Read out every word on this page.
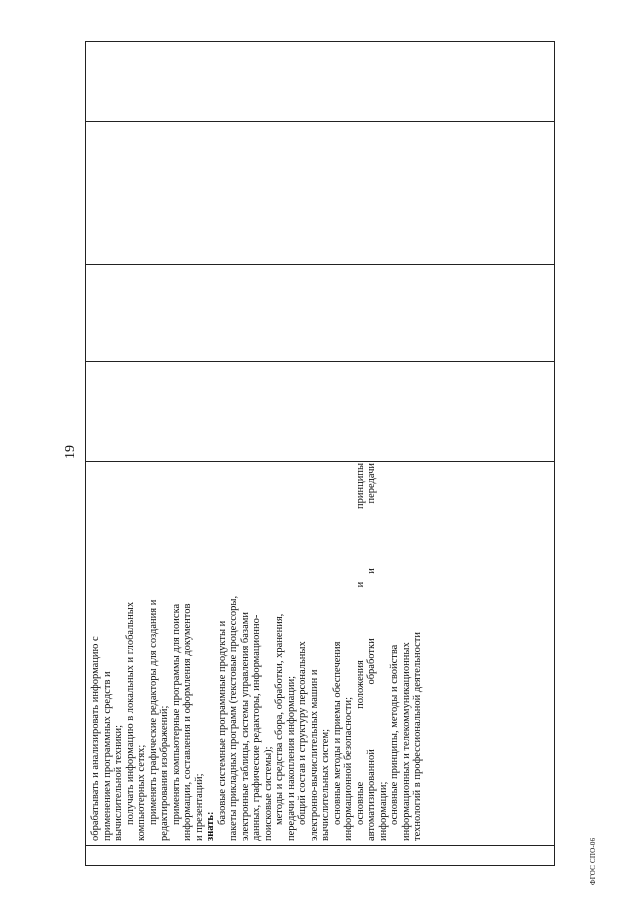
19

обрабатывать и анализировать информацию с применением программных средств и вычислительной техники; получать информацию в локальных и глобальных компьютерных сетях; применять графические редакторы для создания и редактирования изображений; применять компьютерные программы для поиска информации, составления и оформления документов и презентаций; знать:

базовые системные программные продукты и пакеты прикладных программ (текстовые процессоры, электронные таблицы, системы управления базами данных, графические редакторы, информационно- поисковые системы); методы и средства сбора, обработки, хранения, передачи и накопления информации; общий состав и структуру персональных электронно-вычислительных машин и вычислительных систем; основные методы и приемы обеспечения информационной безопасности; основные положения и принципы автоматизированной обработки и передачи информации; основные принципы, методы и свойства информационных и телекоммуникационных технологий в профессиональной деятельности

ФГОС СПО-06
